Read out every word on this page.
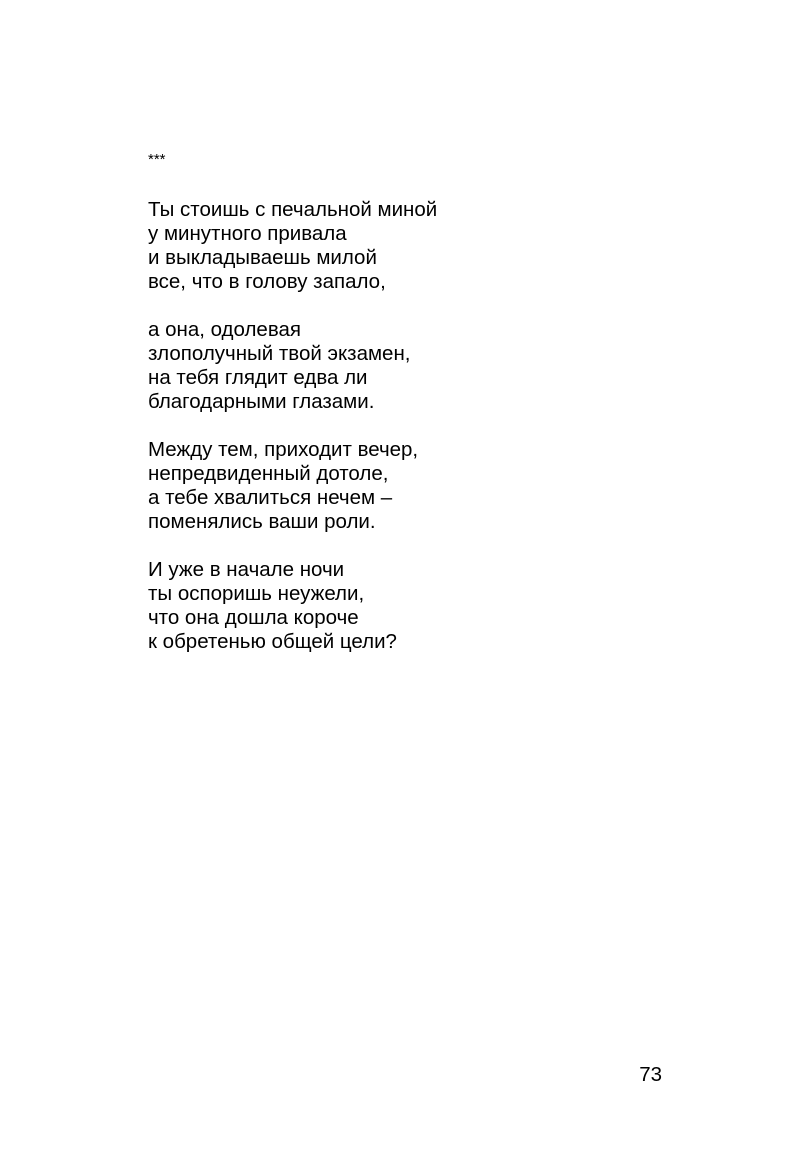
***
Ты стоишь с печальной миной
у минутного привала
и выкладываешь милой
все, что в голову запало,
а она, одолевая
злополучный твой экзамен,
на тебя глядит едва ли
благодарными глазами.
Между тем, приходит вечер,
непредвиденный дотоле,
а тебе хвалиться нечем –
поменялись ваши роли.
И уже в начале ночи
ты оспоришь неужели,
что она дошла короче
к обретенью общей цели?
73
